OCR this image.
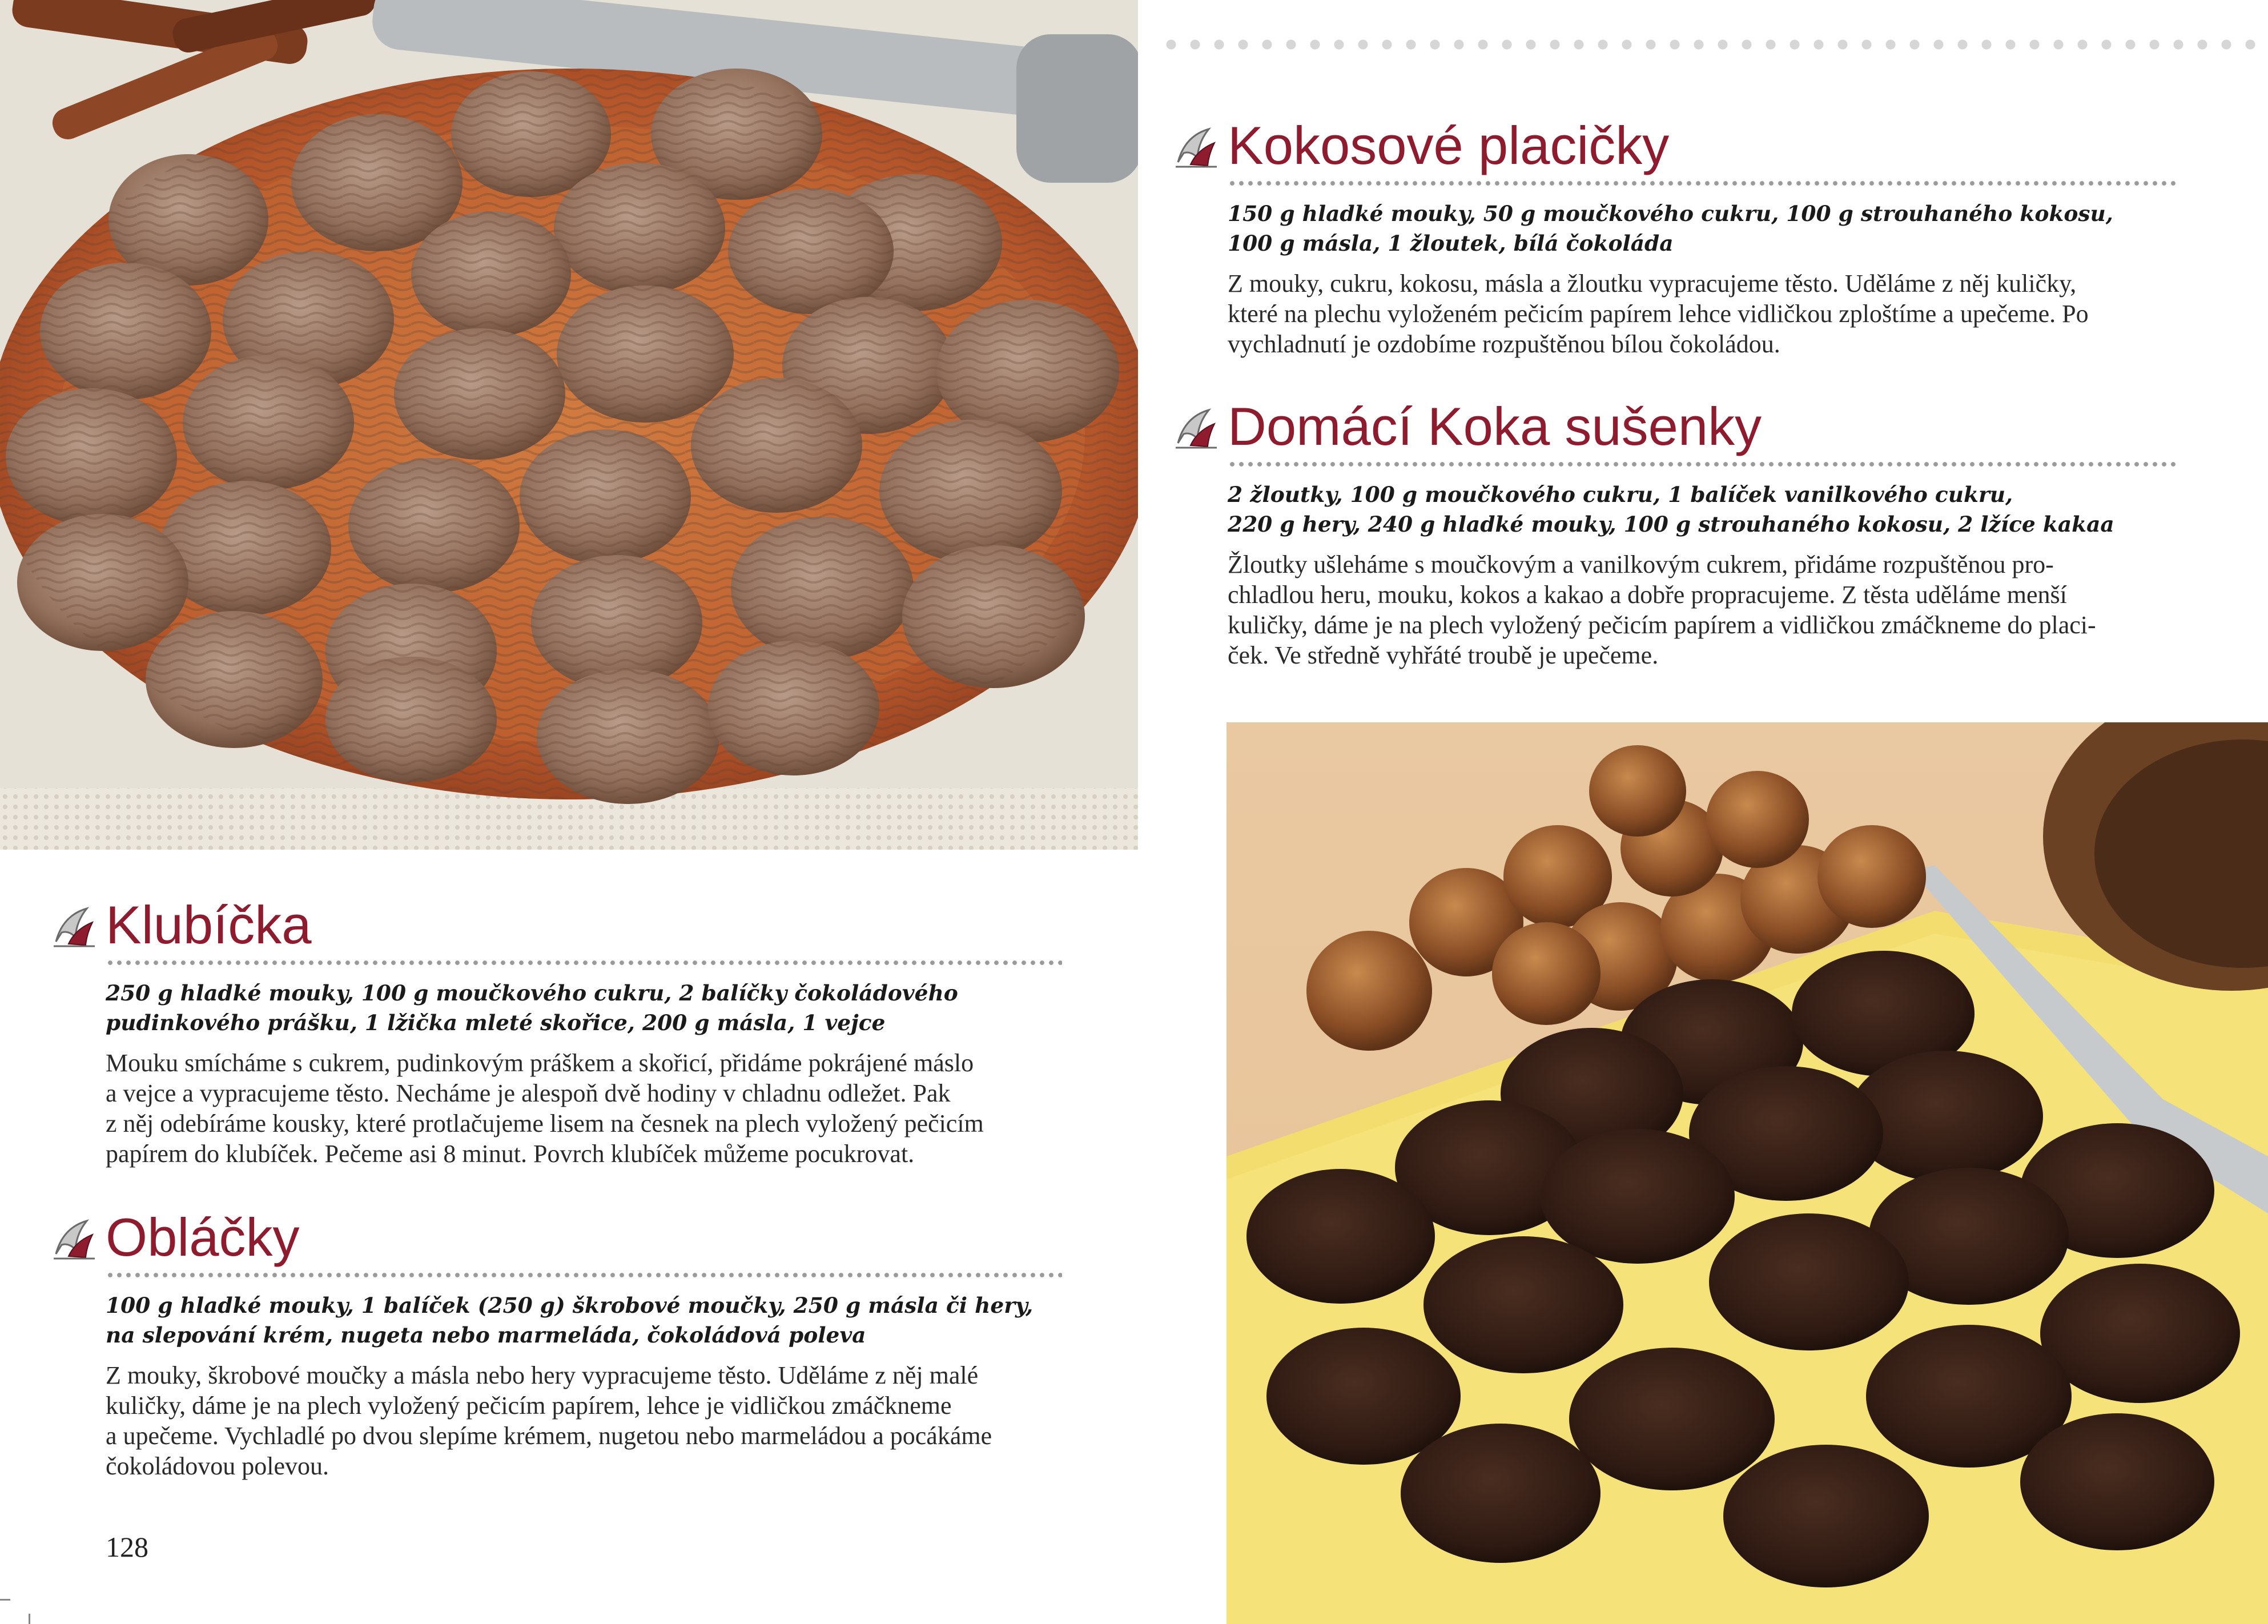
Kokosové placičky
150 g hladké mouky, 50 g moučkového cukru, 100 g strouhaného kokosu,
100 g másla, 1 žloutek, bílá čokoláda
Z mouky, cukru, kokosu, másla a žloutku vypracujeme těsto. Uděláme z něj kuličky,
které na plechu vyloženém pečicím papírem lehce vidličkou zploštíme a upečeme. Po
vychladnutí je ozdobíme rozpuštěnou bílou čokoládou.
Domácí Koka sušenky
2 žloutky, 100 g moučkového cukru, 1 balíček vanilkového cukru,
220 g hery, 240 g hladké mouky, 100 g strouhaného kokosu, 2 lžíce kakaa
Žloutky ušleháme s moučkovým a vanilkovým cukrem, přidáme rozpuštěnou pro-
chladlou heru, mouku, kokos a kakao a dobře propracujeme. Z těsta uděláme menší
kuličky, dáme je na plech vyložený pečicím papírem a vidličkou zmáčkneme do placi-
ček. Ve středně vyhřáté troubě je upečeme.
Klubíčka
250 g hladké mouky, 100 g moučkového cukru, 2 balíčky čokoládového
pudinkového prášku, 1 lžička mleté skořice, 200 g másla, 1 vejce
Mouku smícháme s cukrem, pudinkovým práškem a skořicí, přidáme pokrájené máslo
a vejce a vypracujeme těsto. Necháme je alespoň dvě hodiny v chladnu odležet. Pak
z něj odebíráme kousky, které protlačujeme lisem na česnek na plech vyložený pečicím
papírem do klubíček. Pečeme asi 8 minut. Povrch klubíček můžeme pocukrovat.
Obláčky
100 g hladké mouky, 1 balíček (250 g) škrobové moučky, 250 g másla či hery,
na slepování krém, nugeta nebo marmeláda, čokoládová poleva
Z mouky, škrobové moučky a másla nebo hery vypracujeme těsto. Uděláme z něj malé
kuličky, dáme je na plech vyložený pečicím papírem, lehce je vidličkou zmáčkneme
a upečeme. Vychladlé po dvou slepíme krémem, nugetou nebo marmeládou a pocákáme
čokoládovou polevou.
128
